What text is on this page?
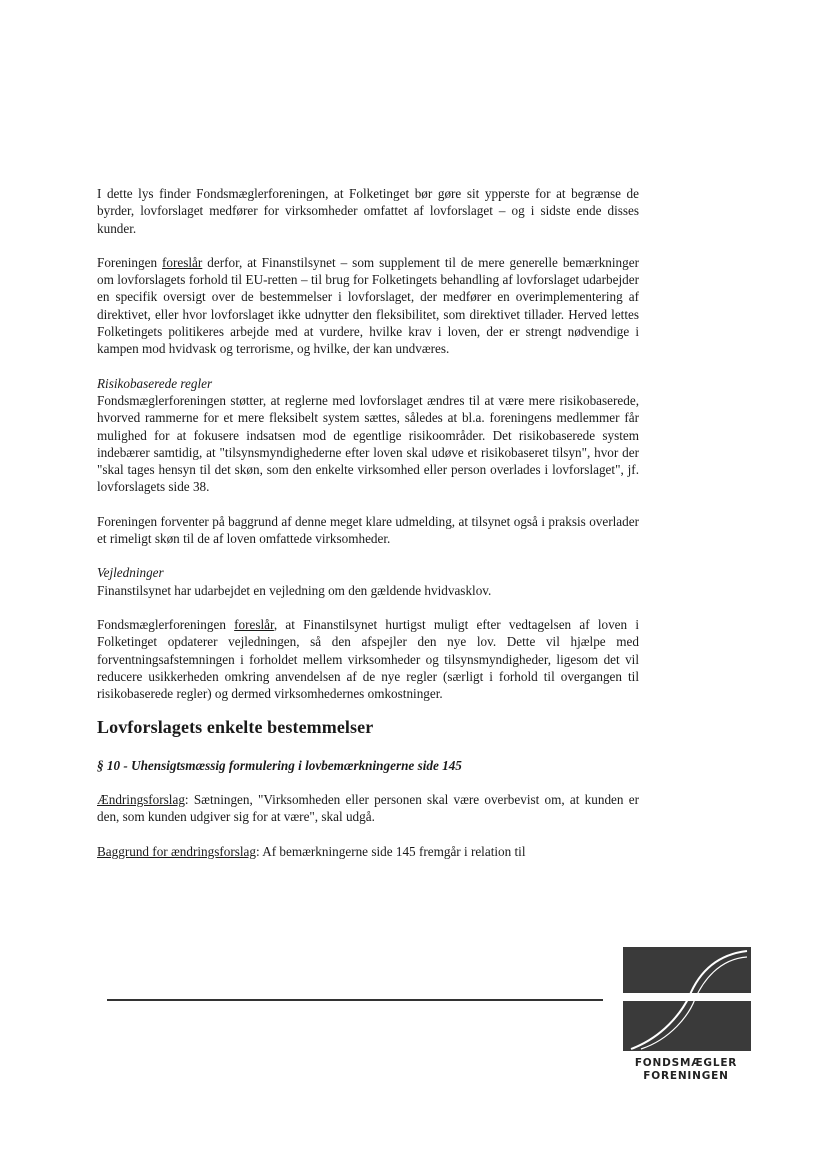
I dette lys finder Fondsmæglerforeningen, at Folketinget bør gøre sit ypperste for at begrænse de byrder, lovforslaget medfører for virksomheder omfattet af lovforslaget – og i sidste ende disses kunder.

Foreningen foreslår derfor, at Finanstilsynet – som supplement til de mere generelle bemærkninger om lovforslagets forhold til EU-retten – til brug for Folketingets behandling af lovforslaget udarbejder en specifik oversigt over de bestemmelser i lovforslaget, der medfører en overimplementering af direktivet, eller hvor lovforslaget ikke udnytter den fleksibilitet, som direktivet tillader. Herved lettes Folketingets politikeres arbejde med at vurdere, hvilke krav i loven, der er strengt nødvendige i kampen mod hvidvask og terrorisme, og hvilke, der kan undværes.

Risikobaserede regler
Fondsmæglerforeningen støtter, at reglerne med lovforslaget ændres til at være mere risikobaserede, hvorved rammerne for et mere fleksibelt system sættes, således at bl.a. foreningens medlemmer får mulighed for at fokusere indsatsen mod de egentlige risikoområder. Det risikobaserede system indebærer samtidig, at "tilsynsmyndighederne efter loven skal udøve et risikobaseret tilsyn", hvor der "skal tages hensyn til det skøn, som den enkelte virksomhed eller person overlades i lovforslaget", jf. lovforslagets side 38.

Foreningen forventer på baggrund af denne meget klare udmelding, at tilsynet også i praksis overlader et rimeligt skøn til de af loven omfattede virksomheder.

Vejledninger
Finanstilsynet har udarbejdet en vejledning om den gældende hvidvasklov.

Fondsmæglerforeningen foreslår, at Finanstilsynet hurtigst muligt efter vedtagelsen af loven i Folketinget opdaterer vejledningen, så den afspejler den nye lov. Dette vil hjælpe med forventningsafstemningen i forholdet mellem virksomheder og tilsynsmyndigheder, ligesom det vil reducere usikkerheden omkring anvendelsen af de nye regler (særligt i forhold til overgangen til risikobaserede regler) og dermed virksomhedernes omkostninger.

Lovforslagets enkelte bestemmelser
§ 10 - Uhensigtsmæssig formulering i lovbemærkningerne side 145

Ændringsforslag: Sætningen, "Virksomheden eller personen skal være overbevist om, at kunden er den, som kunden udgiver sig for at være", skal udgå.

Baggrund for ændringsforslag: Af bemærkningerne side 145 fremgår i relation til

FONDSMÆGLER
FORENINGEN
